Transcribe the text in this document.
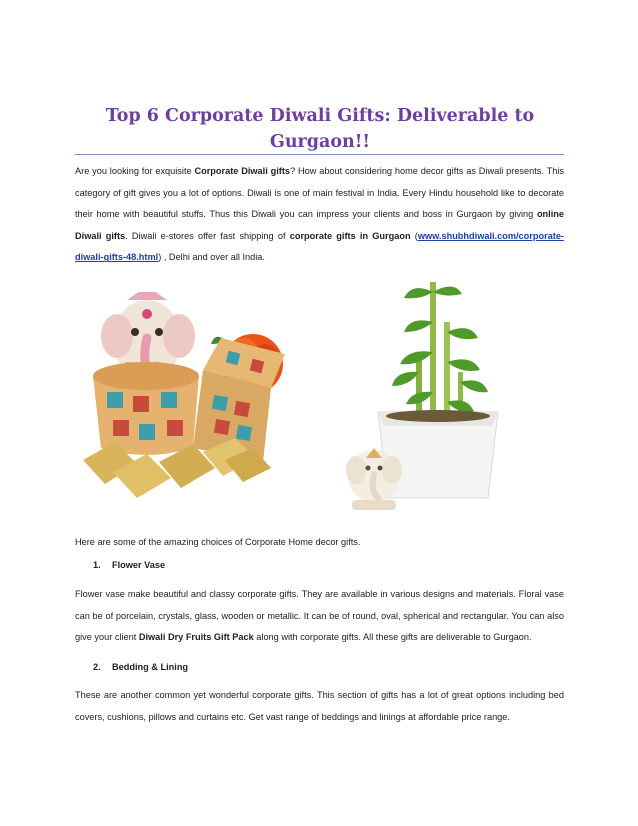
Top 6 Corporate Diwali Gifts: Deliverable to Gurgaon!!

Are you looking for exquisite Corporate Diwali gifts? How about considering home decor gifts as Diwali presents. This category of gift gives you a lot of options. Diwali is one of main festival in India. Every Hindu household like to decorate their home with beautiful stuffs. Thus this Diwali you can impress your clients and boss in Gurgaon by giving online Diwali gifts. Diwali e-stores offer fast shipping of corporate gifts in Gurgaon (www.shubhdiwali.com/corporate-diwali-gifts-48.html) , Delhi and over all India.

Here are some of the amazing choices of Corporate Home decor gifts.

1. Flower Vase

Flower vase make beautiful and classy corporate gifts. They are available in various designs and materials. Floral vase can be of porcelain, crystals, glass, wooden or metallic. It can be of round, oval, spherical and rectangular. You can also give your client Diwali Dry Fruits Gift Pack along with corporate gifts. All these gifts are deliverable to Gurgaon.

2. Bedding & Lining

These are another common yet wonderful corporate gifts. This section of gifts has a lot of great options including bed covers, cushions, pillows and curtains etc. Get vast range of beddings and linings at affordable price range.
